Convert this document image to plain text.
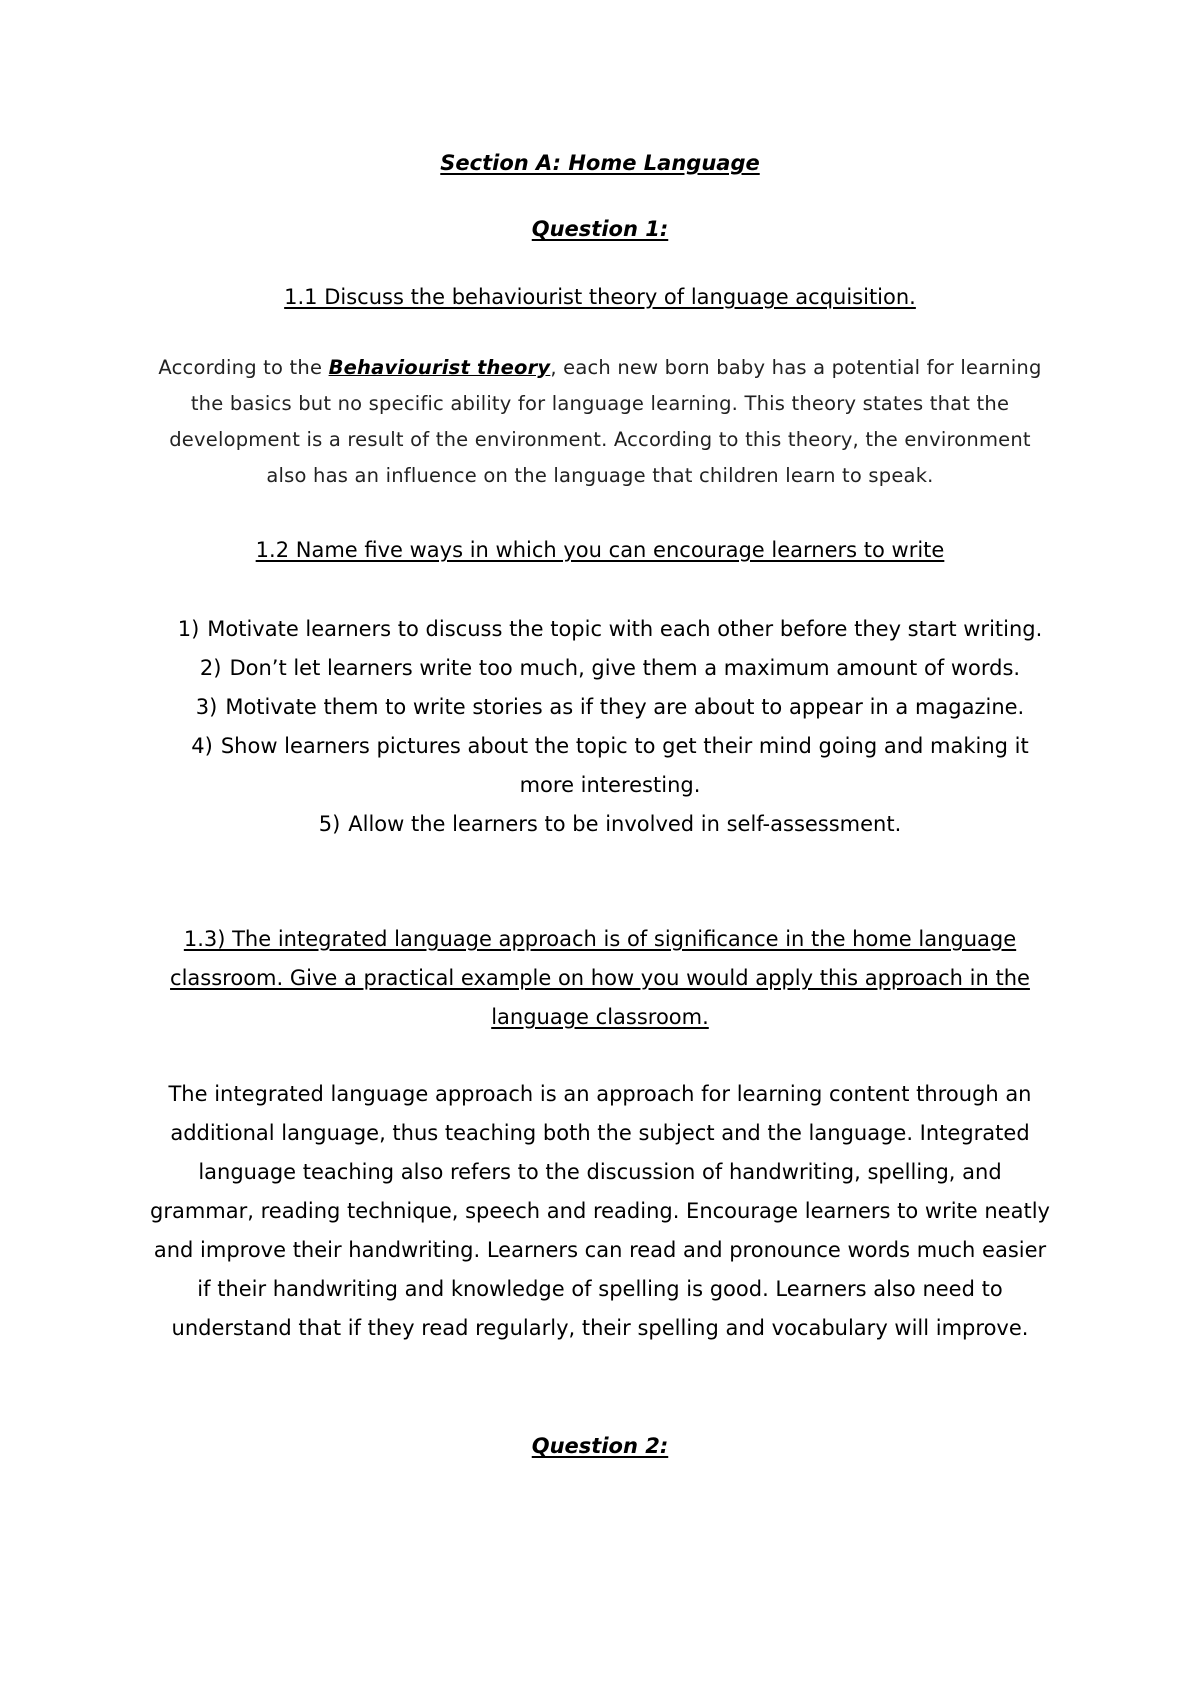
Section A: Home Language
Question 1:
1.1 Discuss the behaviourist theory of language acquisition.
According to the Behaviourist theory, each new born baby has a potential for learning the basics but no specific ability for language learning. This theory states that the development is a result of the environment. According to this theory, the environment also has an influence on the language that children learn to speak.
1.2 Name five ways in which you can encourage learners to write
1) Motivate learners to discuss the topic with each other before they start writing.
2) Don’t let learners write too much, give them a maximum amount of words.
3) Motivate them to write stories as if they are about to appear in a magazine.
4) Show learners pictures about the topic to get their mind going and making it more interesting.
5) Allow the learners to be involved in self-assessment.
1.3) The integrated language approach is of significance in the home language classroom. Give a practical example on how you would apply this approach in the language classroom.
The integrated language approach is an approach for learning content through an additional language, thus teaching both the subject and the language. Integrated language teaching also refers to the discussion of handwriting, spelling, and grammar, reading technique, speech and reading. Encourage learners to write neatly and improve their handwriting. Learners can read and pronounce words much easier if their handwriting and knowledge of spelling is good. Learners also need to understand that if they read regularly, their spelling and vocabulary will improve.
Question 2:
